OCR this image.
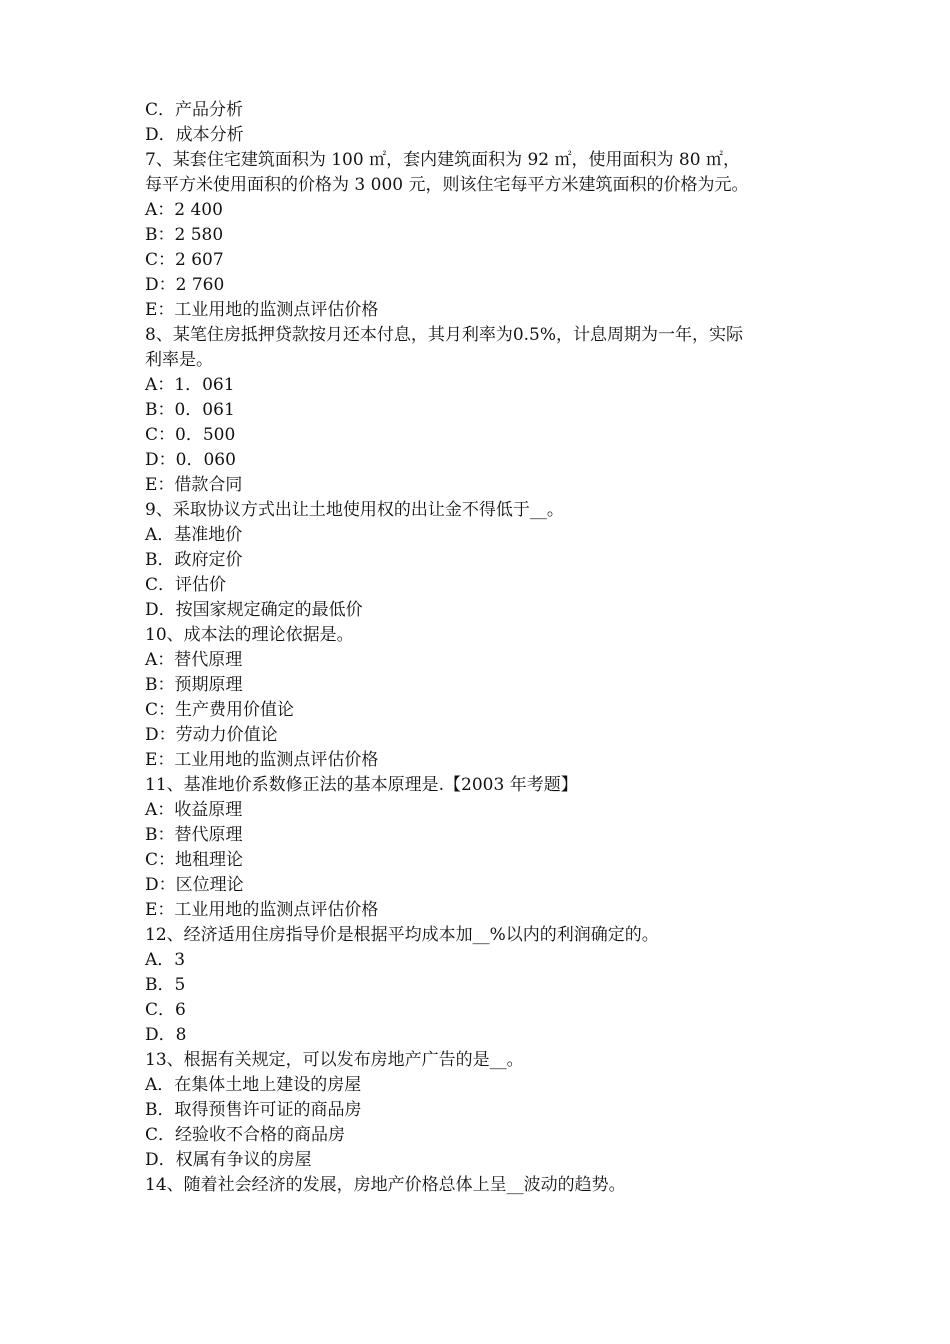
C．产品分析
D．成本分析
7、某套住宅建筑面积为 100 ㎡，套内建筑面积为 92 ㎡，使用面积为 80 ㎡，
每平方米使用面积的价格为 3 000 元，则该住宅每平方米建筑面积的价格为元。
A：2 400
B：2 580
C：2 607
D：2 760
E：工业用地的监测点评估价格
8、某笔住房抵押贷款按月还本付息，其月利率为0.5%，计息周期为一年，实际
利率是。
A：1．061
B：0．061
C：0．500
D：0．060
E：借款合同
9、采取协议方式出让土地使用权的出让金不得低于__。
A．基准地价
B．政府定价
C．评估价
D．按国家规定确定的最低价
10、成本法的理论依据是。
A：替代原理
B：预期原理
C：生产费用价值论
D：劳动力价值论
E：工业用地的监测点评估价格
11、基准地价系数修正法的基本原理是.【2003 年考题】
A：收益原理
B：替代原理
C：地租理论
D：区位理论
E：工业用地的监测点评估价格
12、经济适用住房指导价是根据平均成本加__%以内的利润确定的。
A．3
B．5
C．6
D．8
13、根据有关规定，可以发布房地产广告的是__。
A．在集体土地上建设的房屋
B．取得预售许可证的商品房
C．经验收不合格的商品房
D．权属有争议的房屋
14、随着社会经济的发展，房地产价格总体上呈__波动的趋势。
